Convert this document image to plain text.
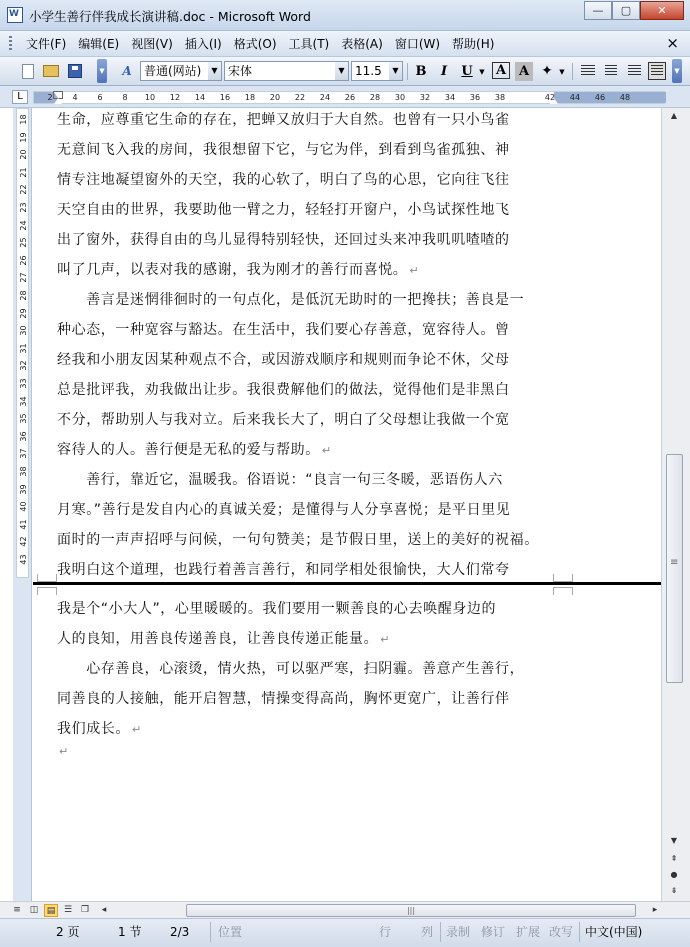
W 小学生善行伴我成长演讲稿.doc - Microsoft Word	—	▢	✕
文件(F)	编辑(E)	视图(V)	插入(I)	格式(O)	工具(T)	表格(A)	窗口(W)	帮助(H)	×
▼	A	普通(网站)	▼ 宋体	▼ 11.5	▼ B	I	U ▼ A A ✦ ▼	▼
L	2 4 6 8 10 12 14 16 18 20 22 24 26 28 30 32 34 36 38	42 44 46 48
18
19
20
21
22
23
24
25
26
27
28
29
30
31
32
33
34
35
36
37
38
39
40
41
42
43
生命，应尊重它生命的存在，把蝉又放归于大自然。也曾有一只小鸟雀
无意间飞入我的房间，我很想留下它，与它为伴，到看到鸟雀孤独、神
情专注地凝望窗外的天空，我的心软了，明白了鸟的心思，它向往飞往
天空自由的世界，我要助他一臂之力，轻轻打开窗户，小鸟试探性地飞
出了窗外，获得自由的鸟儿显得特别轻快，还回过头来冲我叽叽喳喳的
叫了几声，以表对我的感谢，我为刚才的善行而喜悦。 ↵
　　善言是迷惘徘徊时的一句点化，是低沉无助时的一把搀扶；善良是一
种心态，一种宽容与豁达。在生活中，我们要心存善意，宽容待人。曾
经我和小朋友因某种观点不合，或因游戏顺序和规则而争论不休，父母
总是批评我，劝我做出让步。我很费解他们的做法，觉得他们是非黑白
不分，帮助别人与我对立。后来我长大了，明白了父母想让我做一个宽
容待人的人。善行便是无私的爱与帮助。 ↵
　　善行，靠近它，温暖我。俗语说：“良言一句三冬暖，恶语伤人六
月寒。”善行是发自内心的真诚关爱；是懂得与人分享喜悦；是平日里见
面时的一声声招呼与问候，一句句赞美；是节假日里，送上的美好的祝福。
我明白这个道理，也践行着善言善行，和同学相处很愉快，大人们常夸
我是个“小大人”，心里暖暖的。我们要用一颗善良的心去唤醒身边的
人的良知，用善良传递善良，让善良传递正能量。 ↵
　　心存善良，心滚烫，情火热，可以驱严寒，扫阴霾。善意产生善行，
同善良的人接触，能开启智慧，情操变得高尚，胸怀更宽广，让善行伴
我们成长。 ↵
↵
▲
≡
▼
⇞
●
⇟
≡ ◫ ▤ ☰ ❐	◂	|||	▸
2 页	1 节 2/3 位置	行 列 录制 修订 扩展 改写 中文(中国)
